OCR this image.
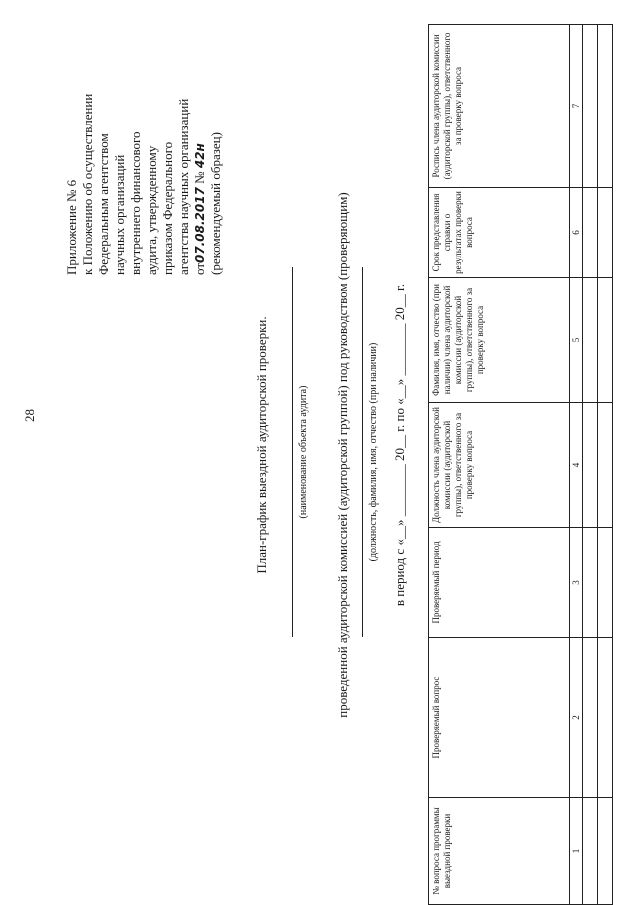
28
Приложение № 6 к Положению об осуществлении Федеральным агентством научных организаций внутреннего финансового аудита, утвержденному приказом Федерального агентства научных организаций от07.08.2017 № 42н (рекомендуемый образец)
План-график выездной аудиторской проверки.	(наименование объекта аудита) проведенной аудиторской комиссией (аудиторской группой) под руководством (проверяющим) (должность, фамилия, имя, отчество (при наличии) в период с «__» ________ 20__ г. по «__» ________ 20__ г.
№ вопроса программы выездной проверки	Проверяемый вопрос	Проверяемый период	Должность члена аудиторской комиссии (аудиторской группы), ответственного за проверку вопроса	Фамилия, имя, отчество (при наличии) члена аудиторской комиссии (аудиторской группы), ответственного за проверку вопроса	Срок представления справки о результатах проверки вопроса	Роспись члена аудиторской комиссии (аудиторской группы), ответственного за проверку вопроса
1	2	3	4	5	6	7
